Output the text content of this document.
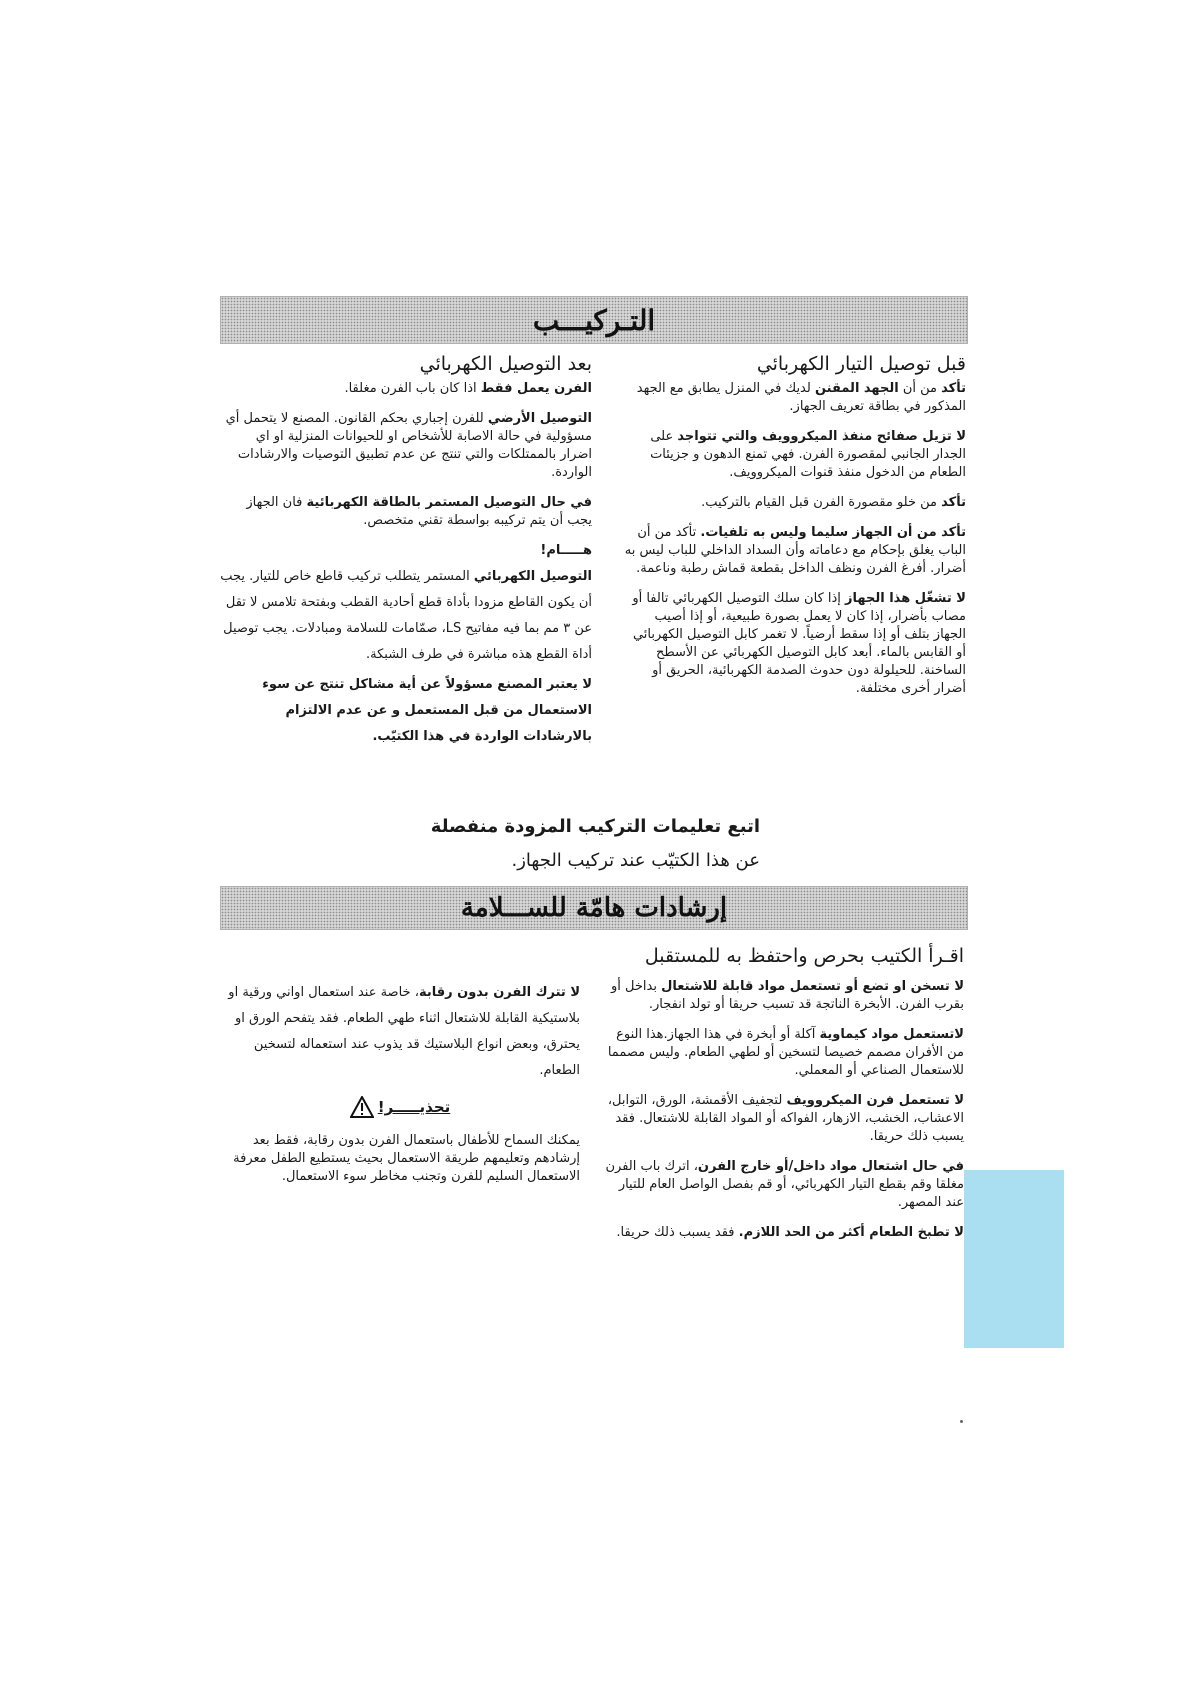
التـركيـــب
قبل توصيل التيار الكهربائي

تأكد من أن الجهد المقنن لديك في المنزل يطابق مع الجهد المذكور في بطاقة تعريف الجهاز.

لا تزيل صفائح منفذ الميكروويف والتي تتواجد على الجدار الجانبي لمقصورة الفرن. فهي تمنع الدهون و جزيئات الطعام من الدخول منفذ قنوات الميكروويف.

تأكد من خلو مقصورة الفرن قبل القيام بالتركيب.

تأكد من أن الجهاز سليما وليس به تلفيات. تأكد من أن الباب يغلق بإحكام مع دعاماته وأن السداد الداخلي للباب ليس به أضرار. أفرغ الفرن ونظف الداخل بقطعة قماش رطبة وناعمة.

لا تشغّل هذا الجهاز إذا كان سلك التوصيل الكهربائي تالفا أو مصاب بأضرار، إذا كان لا يعمل بصورة طبيعية، أو إذا أصيب الجهاز بتلف أو إذا سقط أرضياً. لا تغمر كابل التوصيل الكهربائي أو القابس بالماء. أبعد كابل التوصيل الكهربائي عن الأسطح الساخنة. للحيلولة دون حدوث الصدمة الكهربائية، الحريق أو أضرار أخرى مختلفة.

بعد التوصيل الكهربائي

الفرن يعمل فقط اذا كان باب الفرن مغلقا.

التوصيل الأرضي للفرن إجباري بحكم القانون. المصنع لا يتحمل أي مسؤولية في حالة الاصابة للأشخاص او للحيوانات المنزلية او اي اضرار بالممتلكات والتي تنتج عن عدم تطبيق التوصيات والارشادات الواردة.

في حال التوصيل المستمر بالطاقة الكهربائية فان الجهاز يجب أن يتم تركيبه بواسطة تقني متخصص.

هـــــام!

التوصيل الكهربائي المستمر يتطلب تركيب قاطع خاص للتيار. يجب أن يكون القاطع مزودا بأداة قطع أحادية القطب وبفتحة تلامس لا تقل عن ٣ مم بما فيه مفاتيح LS، صمّامات للسلامة ومبادلات. يجب توصيل أداة القطع هذه مباشرة في طرف الشبكة.

لا يعتبر المصنع مسؤولاً عن أية مشاكل تنتج عن سوء الاستعمال من قبل المستعمل و عن عدم الالتزام بالارشادات الواردة في هذا الكتيّب.

اتبع تعليمات التركيب المزودة منفصلة
عن هذا الكتيّب عند تركيب الجهاز.
إرشادات هامّة للســـلامة
اقـرأ الكتيب بحرص واحتفظ به للمستقبل

لا تسخن او تضع أو تستعمل مواد قابلة للاشتعال بداخل أو بقرب الفرن. الأبخرة الناتجة قد تسبب حريقا أو تولد انفجار.

لاتستعمل مواد كيماوية آكلة أو أبخرة في هذا الجهاز.هذا النوع من الأفران مصمم خصيصا لتسخين أو لطهي الطعام. وليس مصمما للاستعمال الصناعي أو المعملي.

لا تستعمل فرن الميكروويف لتجفيف الأقمشة، الورق، التوابل، الاعشاب، الخشب، الازهار، الفواكه أو المواد القابلة للاشتعال. فقد يسبب ذلك حريقا.

في حال اشتعال مواد داخل/أو خارج الفرن، اترك باب الفرن مغلقا وقم بقطع التيار الكهربائي، أو قم بفصل الواصل العام للتيار عند المصهر.

لا تطبخ الطعام أكثر من الحد اللازم. فقد يسبب ذلك حريقا.

لا تترك الفرن بدون رقابة، خاصة عند استعمال اواني ورقية او بلاستيكية القابلة للاشتعال اثناء طهي الطعام. فقد يتفحم الورق او يحترق، وبعض انواع البلاستيك قد يذوب عند استعماله لتسخين الطعام.

تحذيـــــر!

يمكنك السماح للأطفال باستعمال الفرن بدون رقابة، فقط بعد إرشادهم وتعليمهم طريقة الاستعمال بحيث يستطيع الطفل معرفة الاستعمال السليم للفرن وتجنب مخاطر سوء الاستعمال.
